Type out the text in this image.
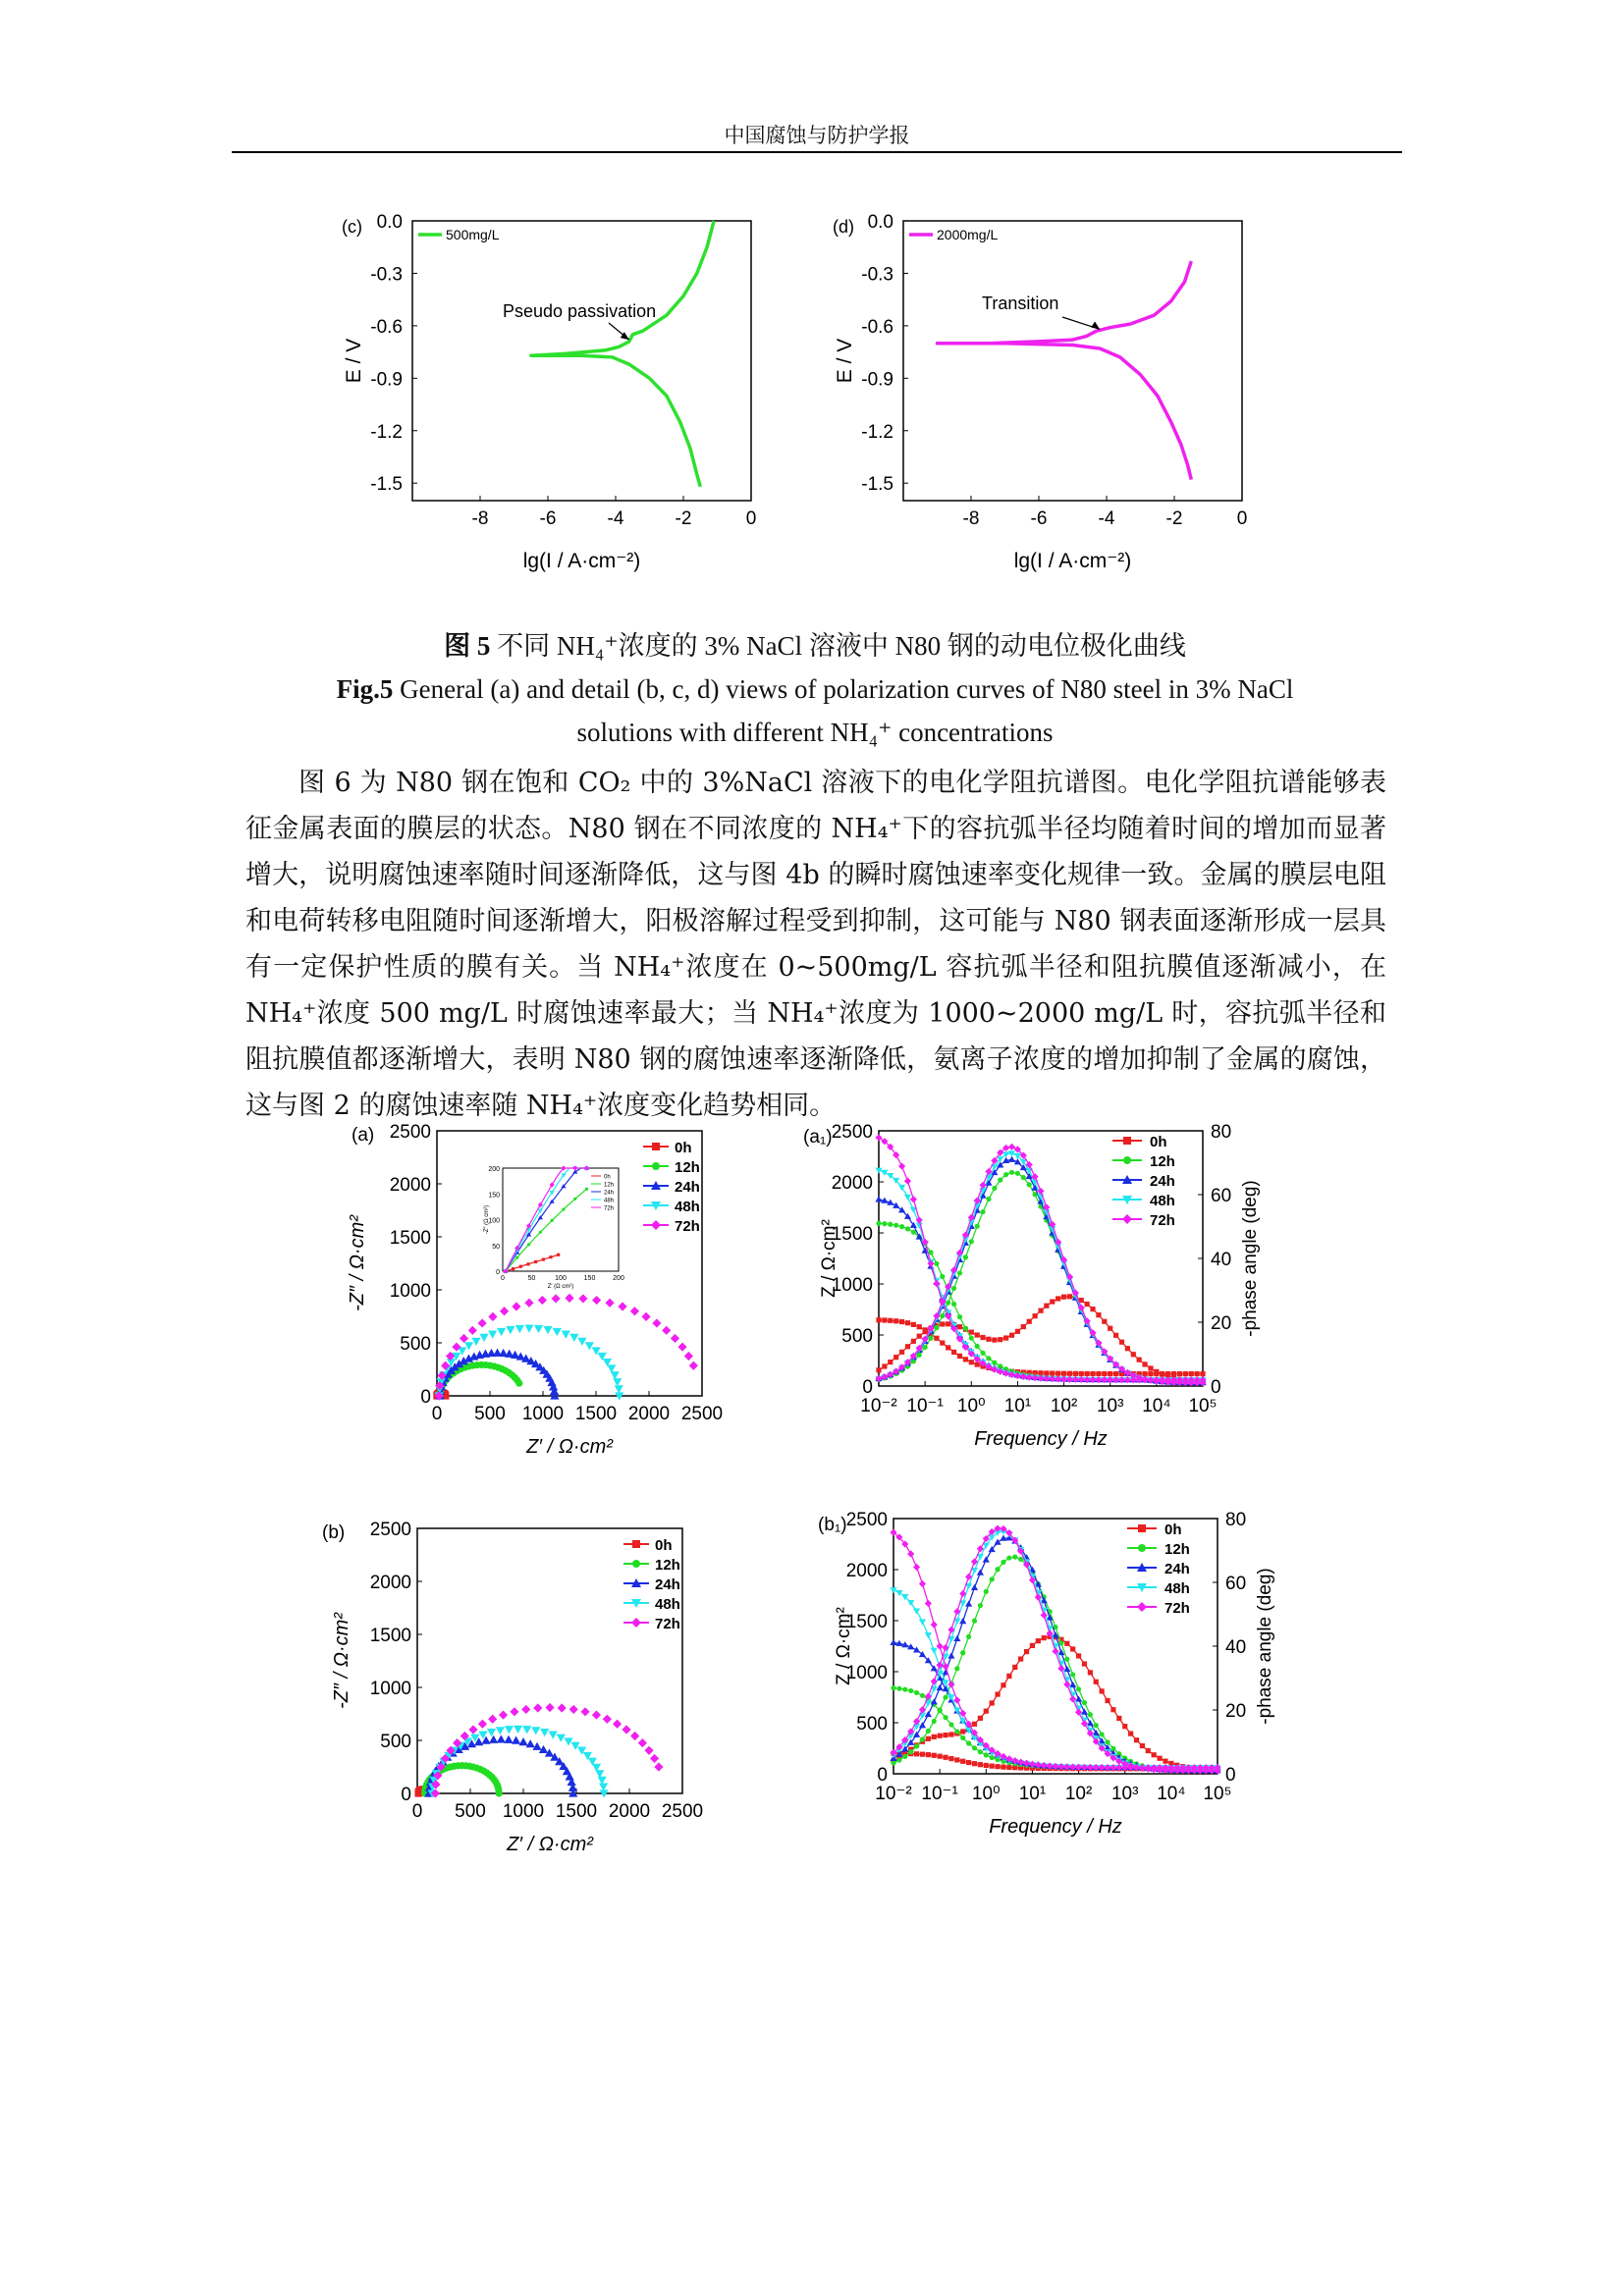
中国腐蚀与防护学报
(c)
-8	-6	-4	-2	0
0.0
-0.3
-0.6
-0.9
-1.2
-1.5
lg(I / A·cm⁻²)
E / V
500mg/L
Pseudo passivation
(d)
-8	-6	-4	-2	0
0.0
-0.3
-0.6
-0.9
-1.2
-1.5
lg(I / A·cm⁻²)
E / V
2000mg/L
Transition
图 5 不同 NH₄⁺浓度的 3% NaCl 溶液中 N80 钢的动电位极化曲线
Fig.5 General (a) and detail (b, c, d) views of polarization curves of N80 steel in 3% NaCl
solutions with different NH₄⁺ concentrations

图 6 为 N80 钢在饱和 CO₂ 中的 3%NaCl 溶液下的电化学阻抗谱图。电化学阻抗谱能够表征金属表面的膜层的状态。N80 钢在不同浓度的 NH₄⁺下的容抗弧半径均随着时间的增加而显著增大，说明腐蚀速率随时间逐渐降低，这与图 4b 的瞬时腐蚀速率变化规律一致。金属的膜层电阻和电荷转移电阻随时间逐渐增大，阳极溶解过程受到抑制，这可能与 N80 钢表面逐渐形成一层具有一定保护性质的膜有关。当 NH₄⁺浓度在 0~500mg/L 容抗弧半径和阻抗膜值逐渐减小，在 NH₄⁺浓度 500 mg/L 时腐蚀速率最大；当 NH₄⁺浓度为 1000~2000 mg/L 时，容抗弧半径和阻抗膜值都逐渐增大，表明 N80 钢的腐蚀速率逐渐降低，氨离子浓度的增加抑制了金属的腐蚀，这与图 2 的腐蚀速率随 NH₄⁺浓度变化趋势相同。

(a)
0 500 1000 1500 2000 2500
0
500
1000
1500
2000
2500
Z′ / Ω·cm²
-Z″ / Ω·cm²
0h
12h
24h
48h
72h
0	50	100	150	200
0
50
100
150
200
Z′ (Ω cm²)
-Z″ (Ω cm²)
0h
12h
24h
48h
72h
(a₁)
10⁻² 10⁻¹ 10⁰ 10¹ 10² 10³ 10⁴ 10⁵
0
500
1000
1500
2000
2500
0
20
40
60
80
Frequency / Hz
Z / Ω·cm²	-phase angle (deg)
0h
12h
24h
48h
72h
(b)
0 500 1000 1500 2000 2500
0
500
1000
1500
2000
2500
Z′ / Ω·cm²
-Z″ / Ω·cm²
0h
12h
24h
48h
72h
(b₁)
10⁻² 10⁻¹ 10⁰ 10¹ 10² 10³ 10⁴ 10⁵
0
500
1000
1500
2000
2500
0
20
40
60
80
Frequency / Hz
Z / Ω·cm²	-phase angle (deg)
0h
12h
24h
48h
72h
